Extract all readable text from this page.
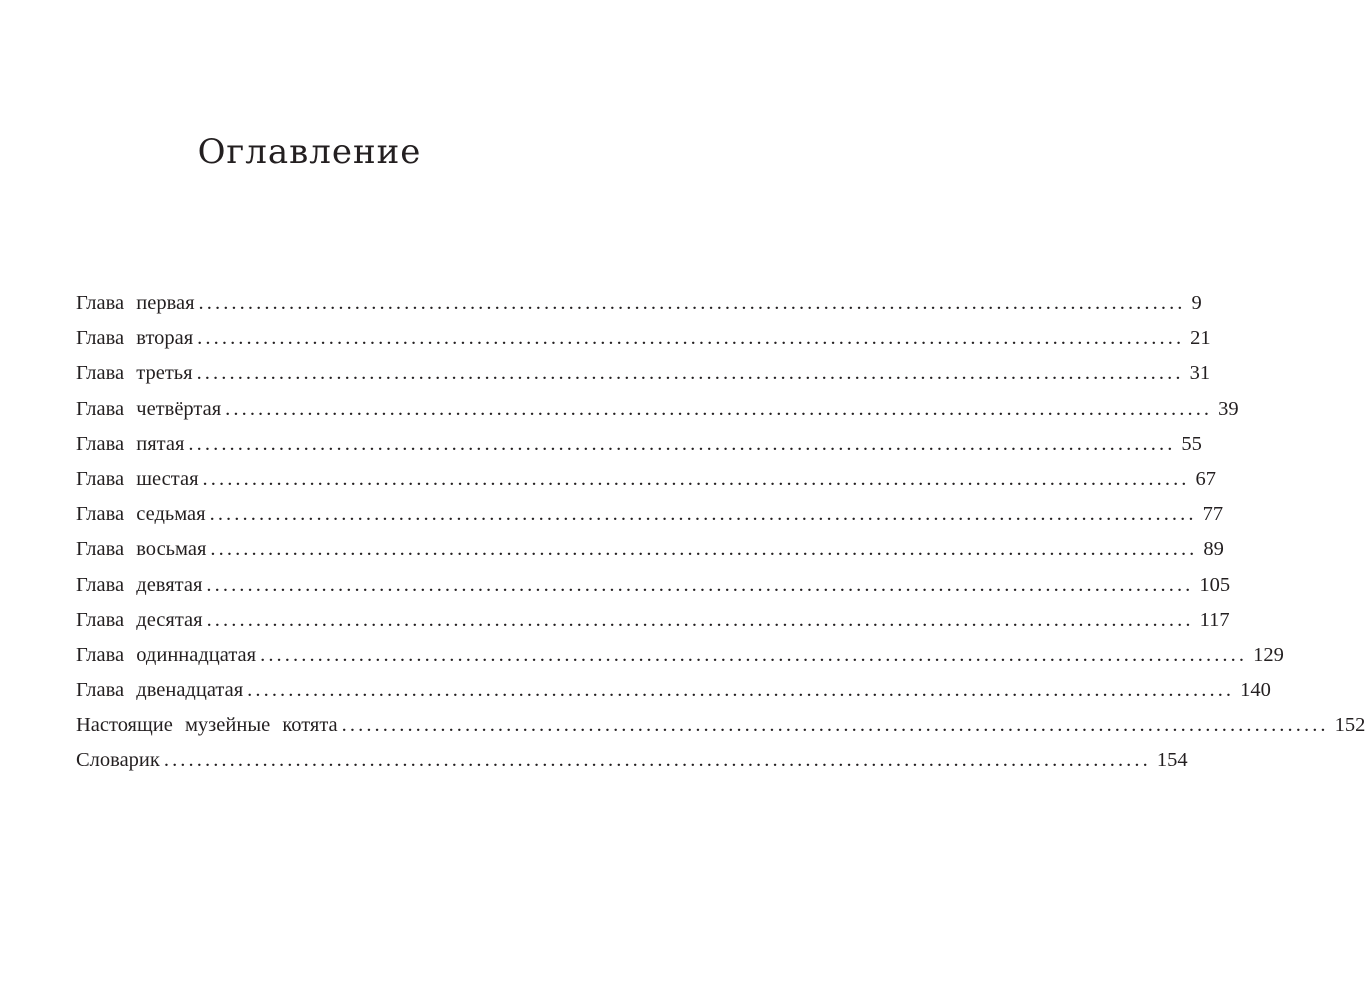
Оглавление
Глава первая ........................................................................................................................ 9
Глава вторая ........................................................................................................................ 21
Глава третья ........................................................................................................................ 31
Глава четвёртая ........................................................................................................................ 39
Глава пятая ........................................................................................................................ 55
Глава шестая ........................................................................................................................ 67
Глава седьмая ........................................................................................................................ 77
Глава восьмая ........................................................................................................................ 89
Глава девятая ........................................................................................................................ 105
Глава десятая ........................................................................................................................ 117
Глава одиннадцатая ........................................................................................................................ 129
Глава двенадцатая ........................................................................................................................ 140
Настоящие музейные котята ........................................................................................................................ 152
Словарик ........................................................................................................................ 154
